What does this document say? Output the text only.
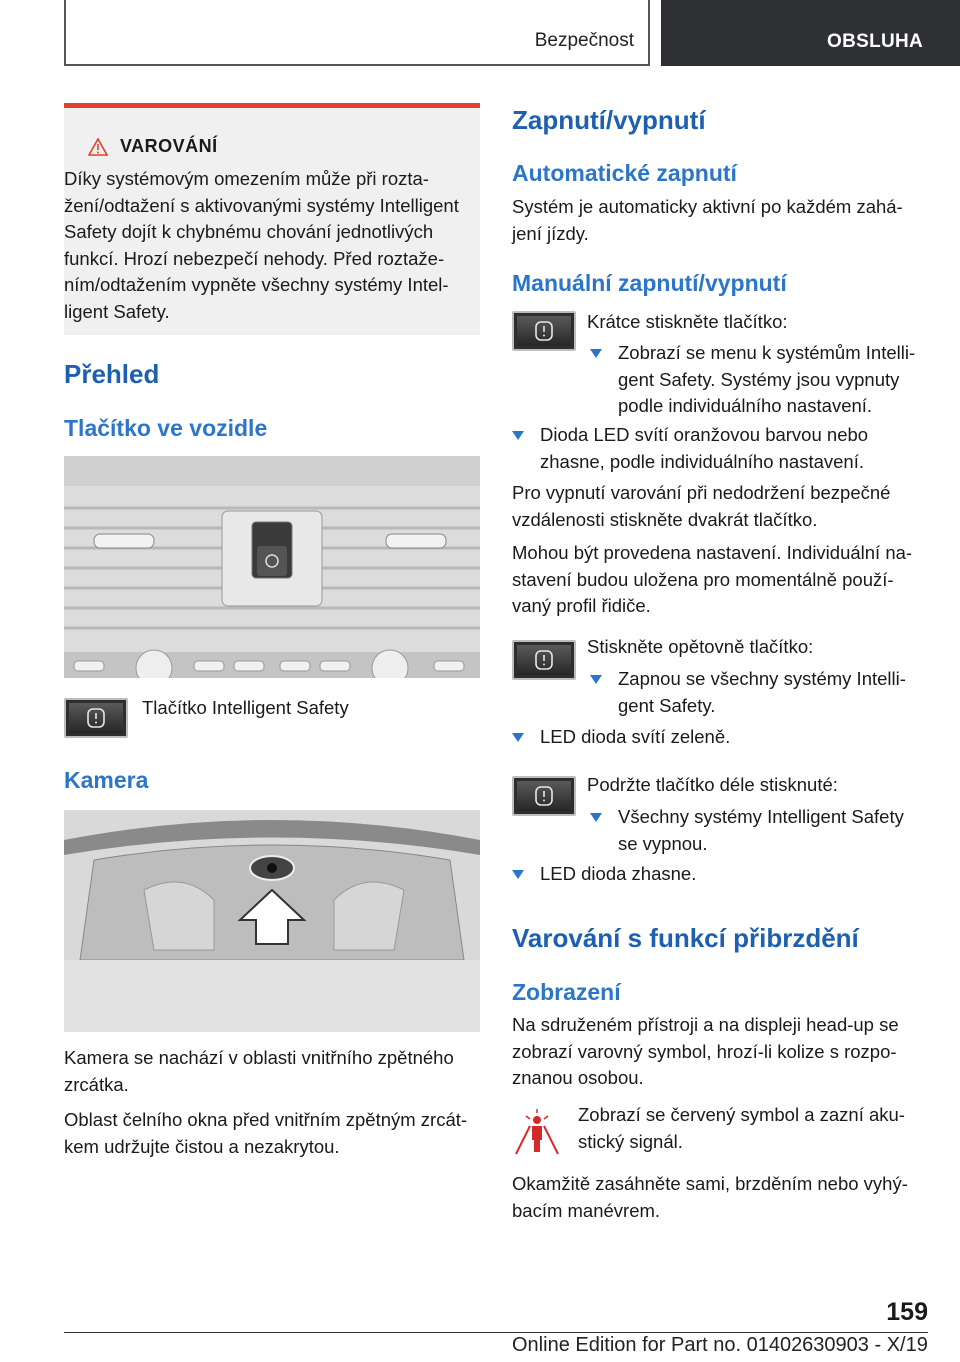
Bezpečnost	OBSLUHA
VAROVÁNÍ
Díky systémovým omezením může při rozta-
žení/odtažení s aktivovanými systémy Intelligent
Safety dojít k chybnému chování jednotlivých
funkcí. Hrozí nebezpečí nehody. Před roztaže-
ním/odtažením vypněte všechny systémy Intel-
ligent Safety.
Přehled
Tlačítko ve vozidle

Tlačítko Intelligent Safety

Kamera

Kamera se nachází v oblasti vnitřního zpětného

zrcátka.

Oblast čelního okna před vnitřním zpětným zrcát-

kem udržujte čistou a nezakrytou.

Zapnutí/vypnutí
Automatické zapnutí

Systém je automaticky aktivní po každém zahá-

jení jízdy.

Manuální zapnutí/vypnutí

Krátce stiskněte tlačítko:

Zobrazí se menu k systémům Intelli-
gent Safety. Systémy jsou vypnuty
podle individuálního nastavení.
Dioda LED svítí oranžovou barvou nebo
zhasne, podle individuálního nastavení.

Pro vypnutí varování při nedodržení bezpečné

vzdálenosti stiskněte dvakrát tlačítko.

Mohou být provedena nastavení. Individuální na-

stavení budou uložena pro momentálně použí-

vaný profil řidiče.

Stiskněte opětovně tlačítko:

Zapnou se všechny systémy Intelli-
gent Safety.
LED dioda svítí zeleně.

Podržte tlačítko déle stisknuté:

Všechny systémy Intelligent Safety
se vypnou.
LED dioda zhasne.
Varování s funkcí přibrzdění
Zobrazení

Na sdruženém přístroji a na displeji head-up se

zobrazí varovný symbol, hrozí-li kolize s rozpo-

znanou osobou.

Zobrazí se červený symbol a zazní aku-

stický signál.

Okamžitě zasáhněte sami, brzděním nebo vyhý-

bacím manévrem.

159
Online Edition for Part no. 01402630903 - X/19
